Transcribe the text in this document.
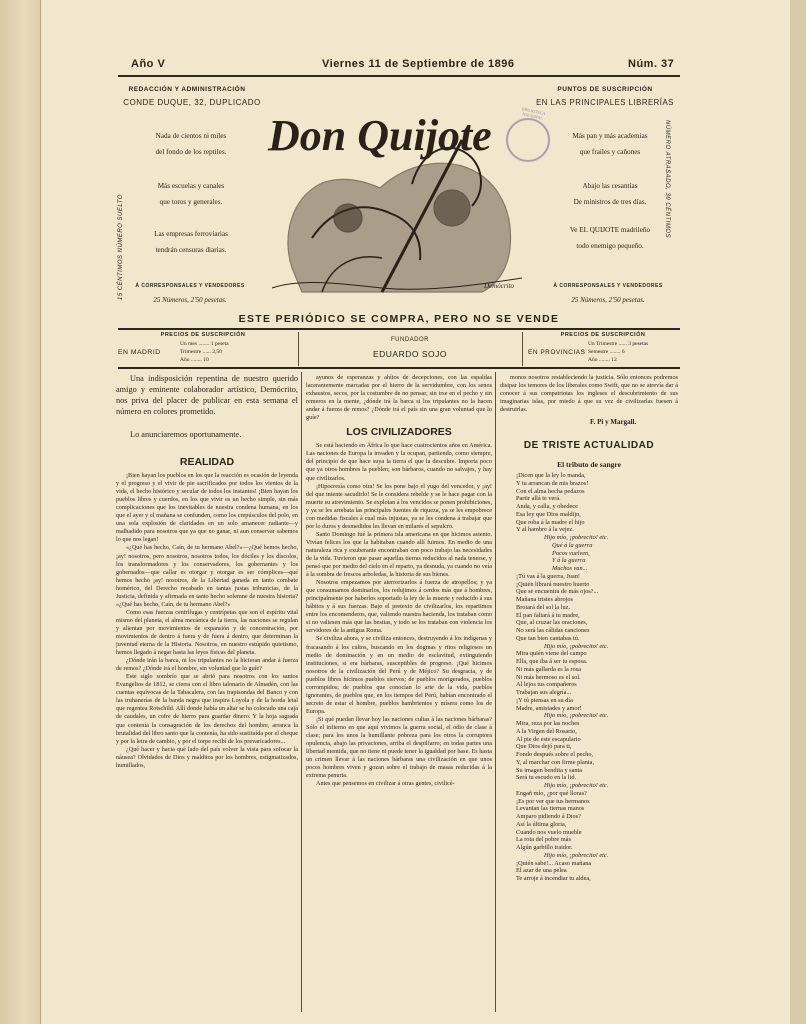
Año V	Viernes 11 de Septiembre de 1896	Núm. 37
REDACCIÓN Y ADMINISTRACIÓN
CONDE DUQUE, 32, DUPLICADO
Nada de cientos ni miles
del fondo de los reptiles.
Más escuelas y canales
que toros y generales.
Las empresas ferroviarias
tendrán censuras diarias.
Á CORRESPONSALES Y VENDEDORES
25 Números, 2'50 pesetas.
PUNTOS DE SUSCRIPCIÓN
EN LAS PRINCIPALES LIBRERÍAS
Más pan y más academias
que frailes y cañones
Abajo las cesantías
De ministros de tres días.
Ve EL QUIJOTE madrileño
todo enemigo pequeño.
Á CORRESPONSALES Y VENDEDORES
25 Números, 2'50 pesetas.
15 CÉNTIMOS NÚMERO SUELTO
NÚMERO ATRASADO, 30 CÉNTIMOS
Don Quijote
Demócrito
BIBLIOTECA NACIONAL
ESTE PERIÓDICO SE COMPRA, PERO NO SE VENDE
PRECIOS DE SUSCRIPCIÓN
EN MADRID
Un mes ........ 1 peseta
Trimestre ...... 2,50
Año ........ 10
FUNDADOR
EDUARDO SOJO
PRECIOS DE SUSCRIPCIÓN
EN PROVINCIAS
Un Trimestre ...... 3 pesetas
Semestre ........ 6
Año ........ 12
Una indisposición repentina de nuestro querido amigo y eminente colaborador artístico, Demócrito, nos priva del placer de publicar en esta semana el número en colores prometido.
Lo anunciaremos oportunamente.
REALIDAD

¡Bien hayan los pueblos en los que la reacción es ocasión de leyenda y el progreso y el vivir de pie sacrificados por todos los vientos de la vida, el hecho histórico y secular de todos los instantes! ¡Bien hayan los pueblos libres y cuerdos, en los que vivir es un hecho simple, sin más complicaciones que los inevitables de nuestra condena humana, en los que el ayer y el mañana se confunden, como los crepúsculos del polo, en una sola explosión de claridades en un solo amanecer radiante—y malhadido para nosotros que ya que no ganar, ni aun conservar sabemos lo que nos legan!

«¿Qué has hecho, Caín, de tu hermano Abel?»—¿Qué hemos hecho, ¡ay! nosotros, pero nosotros, nosotros todos, los dóciles y los díscolos, los transformadores y los conservadores, los gobernantes y los gobernados—que callar es otorgar y otorgar es ser cómplices—qué hemos hecho ¡ay! nosotros, de la Libertad ganada en tanto combate homérico, del Derecho recabado en tantas justas tribunicias, de la Justicia, definida y afirmada en tanto hecho solemne de nuestra historia? «¿Qué has hecho, Caín, de tu hermano Abel?»

Como esas fuerzas centrífugas y centrípetas que son el espíritu vital mismo del planeta, el alma mecánica de la tierra, las naciones se regulan y alientan por movimientos de expansión y de concentración, por movimientos de dentro á fuera y de fuera á dentro, que determinan la juventud eterna de la Historia. Nosotros, en nuestro estúpido quietismo, hemos llegado á negar hasta las leyes físicas del planeta.

¿Dónde irán la barca, ni los tripulantes no la hicieran andar á fuerza de remos? ¿Dónde irá el hombre, sin voluntad que lo guíe?

Este siglo sombrío que se abrió para nosotros con los santos Evangelios de 1812, se cierra con el libro talonario de Almadén, con las cuentas equívocas de la Tabacalera, con las trapisondas del Banco y con las truhanerías de la banda negra que inspira Loyola y de la horda letal que regentea Rotschild. Allí donde había un altar se ha colocado una caja de caudales, un cofre de hierro para guardar dinero. Y la hoja sagrada que contenía la consagración de los derechos del hombre, arranca la brutalidad del libro santo que la contenía, ha sido sustituída por el cheque y por la letra de cambio, y por el torpe recibí de los prevaricadores...

¿Qué hacer y hacia qué lado del país volver la vista para sofocar la náusea? Olvidados de Dios y malditos por los hombres, estigmatizados, humillados,

ayunos de esperanzas y ahítos de decepciones, con las espaldas lacerantemente marcadas por el hierro de la servidumbre, con los senos exhaustos, secos, por la costumbre de no pensar, sin irse en el pecho y sin remeros en la mente, ¿dónde irá la barca si los tripulantes no la hacen andar á fuerza de remos? ¿Dónde irá el país sin una gran voluntad que lo guíe?

LOS CIVILIZADORES

Se está haciendo en África lo que hace cuatrocientos años en América. Las naciones de Europa la invaden y la ocupan, partiendo, como siempre, del principio de que hace suya la tierra el que la descubre. Importa poco que ya otros hombres la pueblen; son bárbaros, cuando no salvajes, y hay que civilizarlos.

¡Hipocresía como otra! Se los pone bajo el yugo del vencedor, y ¡ay! del que intente sacudirlo! Se le considera rebelde y se le hace pagar con la muerte su atrevimiento. Se explotan á los vencidos se ponen prohibiciones, y ya se les arrebata las principales fuentes de riqueza, ya se les empobrece con medidas fiscales á cual más injustas, ya se les condena á trabajar que por lo duros y desmedidos les llevan en milarés el sepulcro.

Santo Domingo fué la primera isla americana en que hicimos asiento. Vivían felices los que la habitaban cuando allí fuimos. En medio de una naturaleza rica y exuberante encontraban con poco trabajo las necesidades de la vida. Tuvieron que pasar aquellas tierras reducidos al nada tenerse, y pensó que por medio del cielo en el reparto, ya desnuda, ya cuando no veía á la sombra de frescos arboledas, la historia de sus bienes.

Nosotros empezamos por aterrorizarlos á fuerza de atropellos; y ya que consumamos dominarlos, los redujimos á cerdos más que á hombres, principalmente por haberlos soportado la ley de la muerte y reducido á sus hábitos y á sus fuerzas. Bajo el pretexto de civilizarlos, los repartimos entre los encomenderos, que, valiendo nuestra hacienda, los trataban como si no valiesen más que las bestias, y todo se los trataban con violencia los servidores de la antigua Roma.

Se civiliza ahora, y se civiliza entonces, destruyendo á los indígenas y fracasando á los cultos, buscando en los dogmas y ritos religiosos un medio de dominación y en un medio de esclavitud, extinguiendo instituciones, si era bárbaras, susceptibles de progreso. ¡Qué hicimos nosotros de la civilización del Perú y de Méjico? Su desgracia, y de pueblos libres hicimos pueblos siervos; de pueblos morigerados, pueblos corrompidos; de pueblos que conocían lo arte de la vida, pueblos ignorantes, de pueblos que, en los tiempos del Perú, habían encontrado el secreto de estar el hombre, pueblos hambrientos y mísera como los de Europa.

¡Si qué puedan llevar hoy las naciones cultas á las naciones bárbaras? Sólo el infierno en que aquí vivimos la guerra social, el odio de clase á clase; para los unos la humillante pobreza para los otros la corruptora opulencia, abajo las privaciones, arriba el despilfarro; en todas partes una libertad mentida, que no tiene ni puede tener la igualdad por base. Es hasta un crimen llevar á las naciones bárbaras una civilización en que unos pocos hombres viven y gozan sobre el trabajo de masas reducidas á la extrema penuria.

Antes que pensemos en civilizar á otras gentes, civilicé-

monos nosotros restableciendo la justicia. Sólo entonces podremos disipar los temores de los liberales como Swift, que no se atrevía dar á conocer á sus compatriotas los ingleses el descubrimiento de sus imaginarias islas, por miedo á que su vez de civilizarlas fuesen á destruirlas.

F. Pi y Margall.
DE TRISTE ACTUALIDAD
El tributo de sangre
¡Dicen que la ley lo manda,
Y tu arrancan de mis brazos!
Con el alma hecha pedazos
Partir allá te verá.
Anda, y calla, y obedece
Esa ley que Dios maldijo,
Que roba á la madre el hijo
Y al hambre á la vejez.
Hijo mío, ¡pobrecito! etc.
Qué á la guerra
Pocos vuelven,
Y á la guerra
Muchos van...
¡Tú vas á la guerra, Juan!
¡Quién librará nuestro huerto
Que se encuentra de más ojos?...
Mañana tristes abrojos
Brotará del sol la luz.
El pan faltará á tu madre,
Que, al cruzar las oraciones,
No será las cálidas canciones
Que tan bien cantabas tú.
Hijo mío, ¡pobrecito! etc.
Mira quién viene del campo
Ella, que iba á ser tu esposa.
Ni más gallarda es la rosa
Ni más hermoso es el sol.
Al lejos tus compañeros
Trabajan sus alegría...
¡Y tú piensas en su día
Madre, amistades y amor!
Hijo mío, ¡pobrecito! etc.
Mira, reza por las noches
A la Virgen del Rosario,
Al pie de este escapulario
Que Dios dejó para ti,
Fondo después sobre el pecho,
Y, al marchar con firme planta,
Su imagen bendita y santa
Será tu escudo en la lid.
Hijo mío, ¡pobrecito! etc.
Engañ mío, ¿por qué lloras?
¡Es por ver que tus hermanos
Levantan las tiernas manos
Amparo pidiendo á Dios?
Así la última gloria,
Cuando nos vuelo mueble
La rota del pobre más
Algún garbillo traidor.
Hijo mío, ¡pobrecito! etc.
¡Quién sabe!... Acaso mañana
El azar de una pelea
Te arroje á incendiar tu aldea,
